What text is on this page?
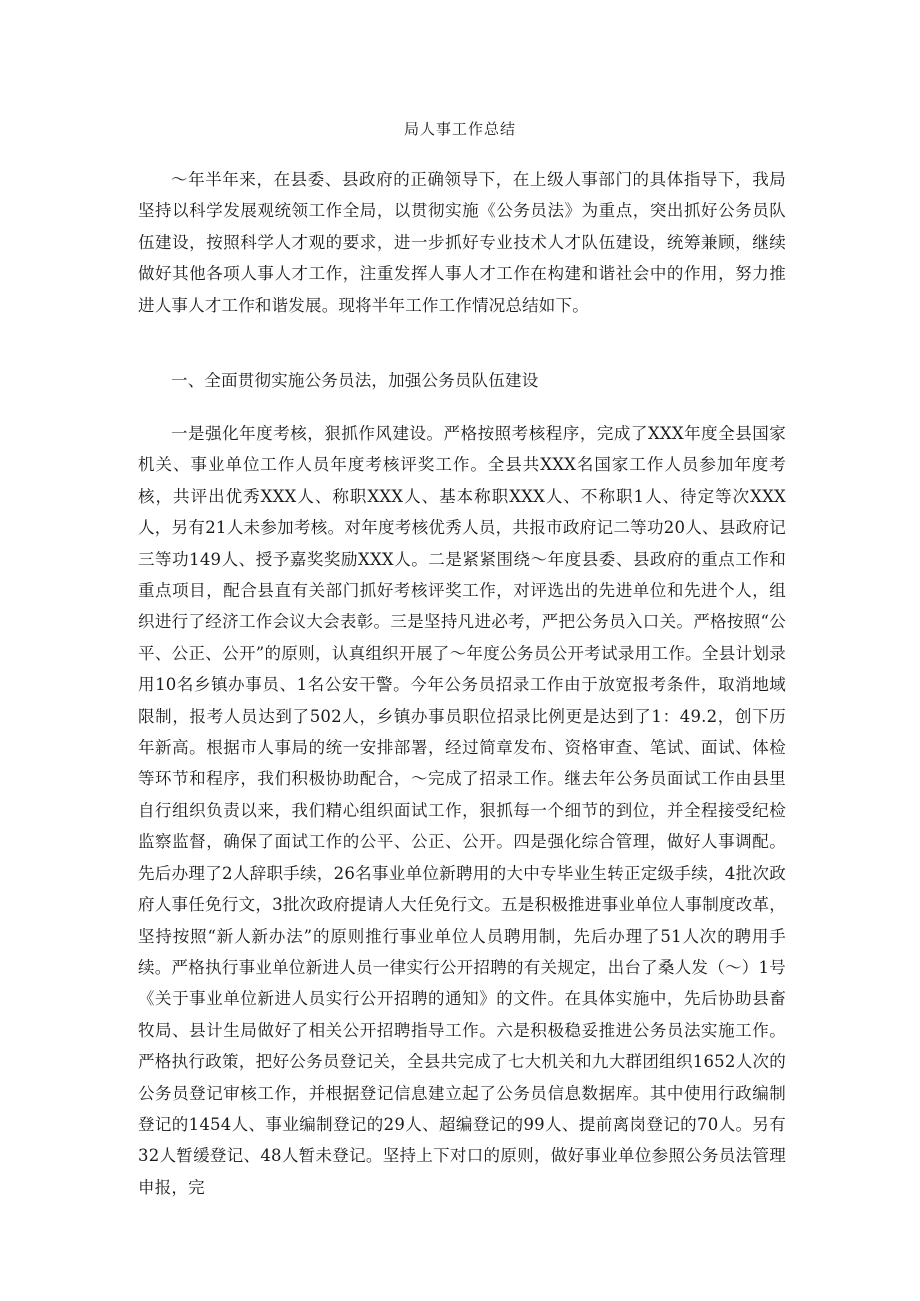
局人事工作总结

～年半年来，在县委、县政府的正确领导下，在上级人事部门的具体指导下，我局坚持以科学发展观统领工作全局，以贯彻实施《公务员法》为重点，突出抓好公务员队伍建设，按照科学人才观的要求，进一步抓好专业技术人才队伍建设，统筹兼顾，继续做好其他各项人事人才工作，注重发挥人事人才工作在构建和谐社会中的作用，努力推进人事人才工作和谐发展。现将半年工作工作情况总结如下。

一、全面贯彻实施公务员法，加强公务员队伍建设

一是强化年度考核，狠抓作风建设。严格按照考核程序，完成了XXX年度全县国家机关、事业单位工作人员年度考核评奖工作。全县共XXX名国家工作人员参加年度考核，共评出优秀XXX人、称职XXX人、基本称职XXX人、不称职1人、待定等次XXX人，另有21人未参加考核。对年度考核优秀人员，共报市政府记二等功20人、县政府记三等功149人、授予嘉奖奖励XXX人。二是紧紧围绕～年度县委、县政府的重点工作和重点项目，配合县直有关部门抓好考核评奖工作，对评选出的先进单位和先进个人，组织进行了经济工作会议大会表彰。三是坚持凡进必考，严把公务员入口关。严格按照“公平、公正、公开”的原则，认真组织开展了～年度公务员公开考试录用工作。全县计划录用10名乡镇办事员、1名公安干警。今年公务员招录工作由于放宽报考条件，取消地域限制，报考人员达到了502人，乡镇办事员职位招录比例更是达到了1：49.2，创下历年新高。根据市人事局的统一安排部署，经过简章发布、资格审查、笔试、面试、体检等环节和程序，我们积极协助配合，～完成了招录工作。继去年公务员面试工作由县里自行组织负责以来，我们精心组织面试工作，狠抓每一个细节的到位，并全程接受纪检监察监督，确保了面试工作的公平、公正、公开。四是强化综合管理，做好人事调配。先后办理了2人辞职手续，26名事业单位新聘用的大中专毕业生转正定级手续，4批次政府人事任免行文，3批次政府提请人大任免行文。五是积极推进事业单位人事制度改革，坚持按照“新人新办法”的原则推行事业单位人员聘用制，先后办理了51人次的聘用手续。严格执行事业单位新进人员一律实行公开招聘的有关规定，出台了桑人发（～）1号《关于事业单位新进人员实行公开招聘的通知》的文件。在具体实施中，先后协助县畜牧局、县计生局做好了相关公开招聘指导工作。六是积极稳妥推进公务员法实施工作。严格执行政策，把好公务员登记关，全县共完成了七大机关和九大群团组织1652人次的公务员登记审核工作，并根据登记信息建立起了公务员信息数据库。其中使用行政编制登记的1454人、事业编制登记的29人、超编登记的99人、提前离岗登记的70人。另有32人暂缓登记、48人暂未登记。坚持上下对口的原则，做好事业单位参照公务员法管理申报，完
